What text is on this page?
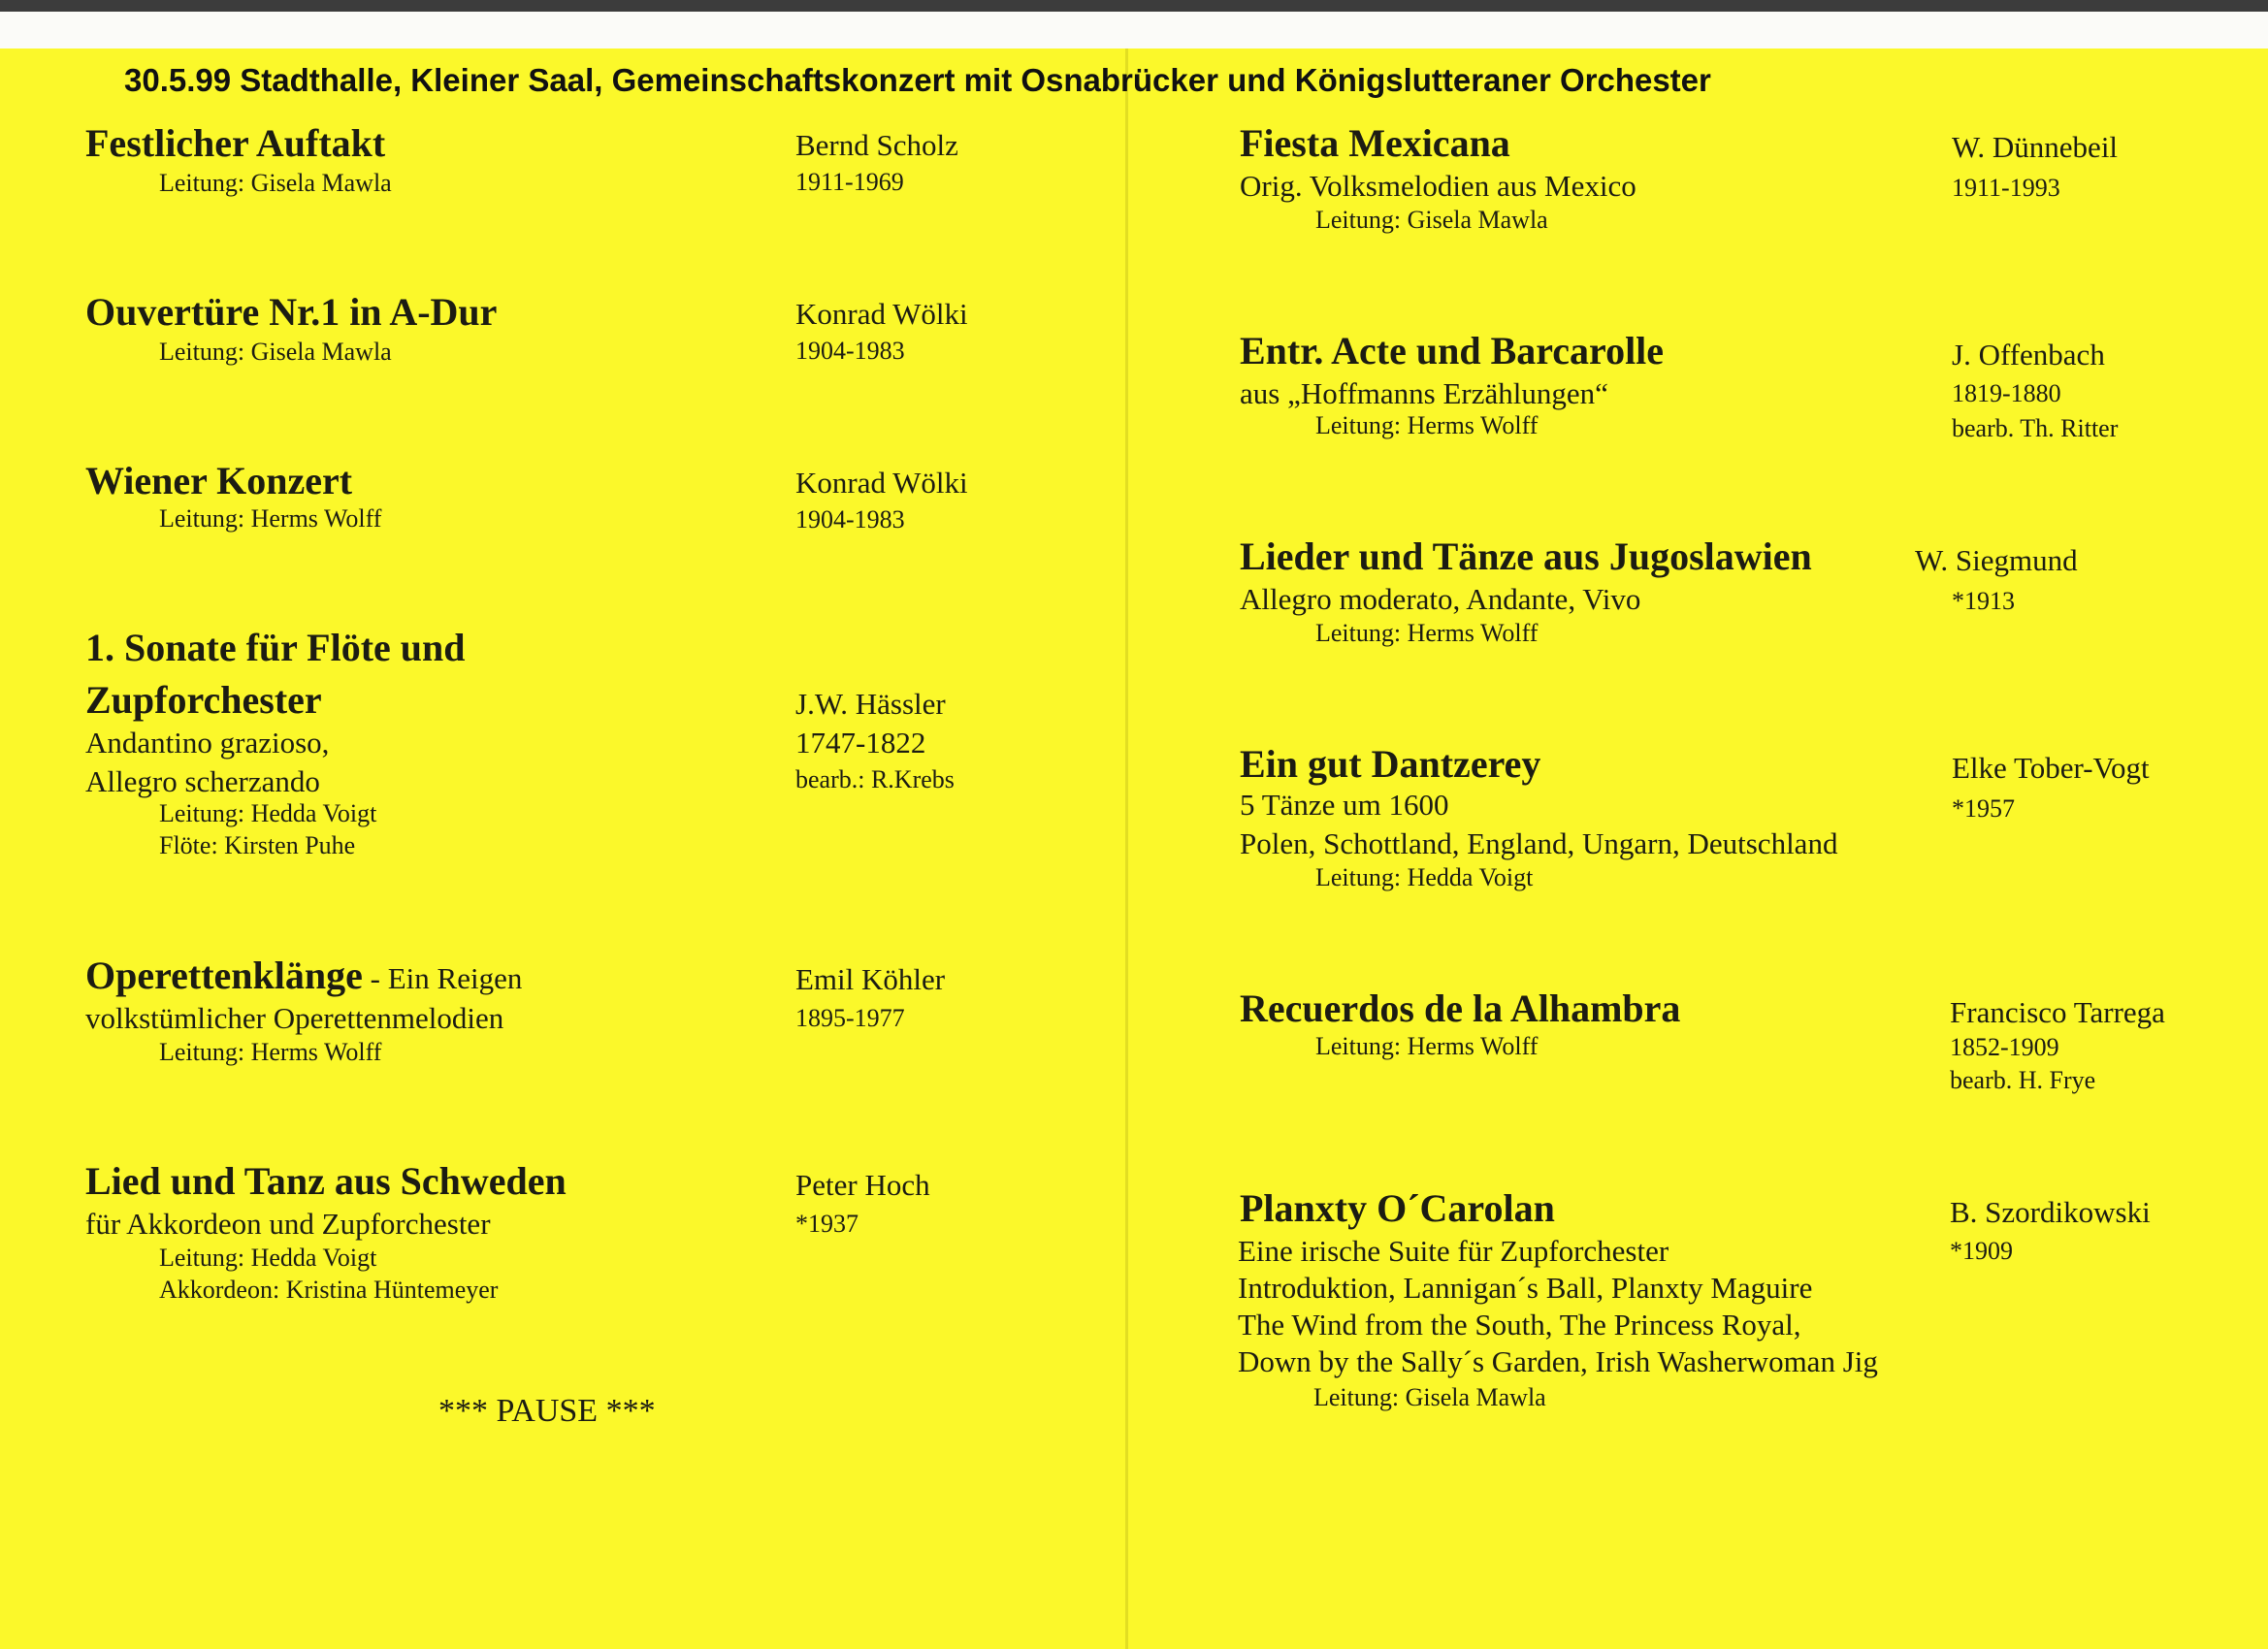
30.5.99 Stadthalle, Kleiner Saal, Gemeinschaftskonzert mit Osnabrücker und Königslutteraner Orchester
Festlicher Auftakt
Leitung: Gisela Mawla
Bernd Scholz
1911-1969
Ouvertüre Nr.1 in A-Dur
Leitung: Gisela Mawla
Konrad Wölki
1904-1983
Wiener Konzert
Leitung: Herms Wolff
Konrad Wölki
1904-1983
1. Sonate für Flöte und
Zupforchester
Andantino grazioso,
Allegro scherzando
Leitung: Hedda Voigt
Flöte: Kirsten Puhe
J.W. Hässler
1747-1822
bearb.: R.Krebs
Operettenklänge - Ein Reigen
volkstümlicher Operettenmelodien
Leitung: Herms Wolff
Emil Köhler
1895-1977
Lied und Tanz aus Schweden
für Akkordeon und Zupforchester
Leitung: Hedda Voigt
Akkordeon: Kristina Hüntemeyer
Peter Hoch
*1937
*** PAUSE ***
Fiesta Mexicana
Orig. Volksmelodien aus Mexico
Leitung: Gisela Mawla
W. Dünnebeil
1911-1993
Entr. Acte und Barcarolle
aus „Hoffmanns Erzählungen“
Leitung: Herms Wolff
J. Offenbach
1819-1880
bearb. Th. Ritter
Lieder und Tänze aus Jugoslawien
Allegro moderato, Andante, Vivo
Leitung: Herms Wolff
W. Siegmund
*1913
Ein gut Dantzerey
5 Tänze um 1600
Polen, Schottland, England, Ungarn, Deutschland
Leitung: Hedda Voigt
Elke Tober-Vogt
*1957
Recuerdos de la Alhambra
Leitung: Herms Wolff
Francisco Tarrega
1852-1909
bearb. H. Frye
Planxty O´Carolan
Eine irische Suite für Zupforchester
Introduktion, Lannigan´s Ball, Planxty Maguire
The Wind from the South, The Princess Royal,
Down by the Sally´s Garden, Irish Washerwoman Jig
Leitung: Gisela Mawla
B. Szordikowski
*1909
